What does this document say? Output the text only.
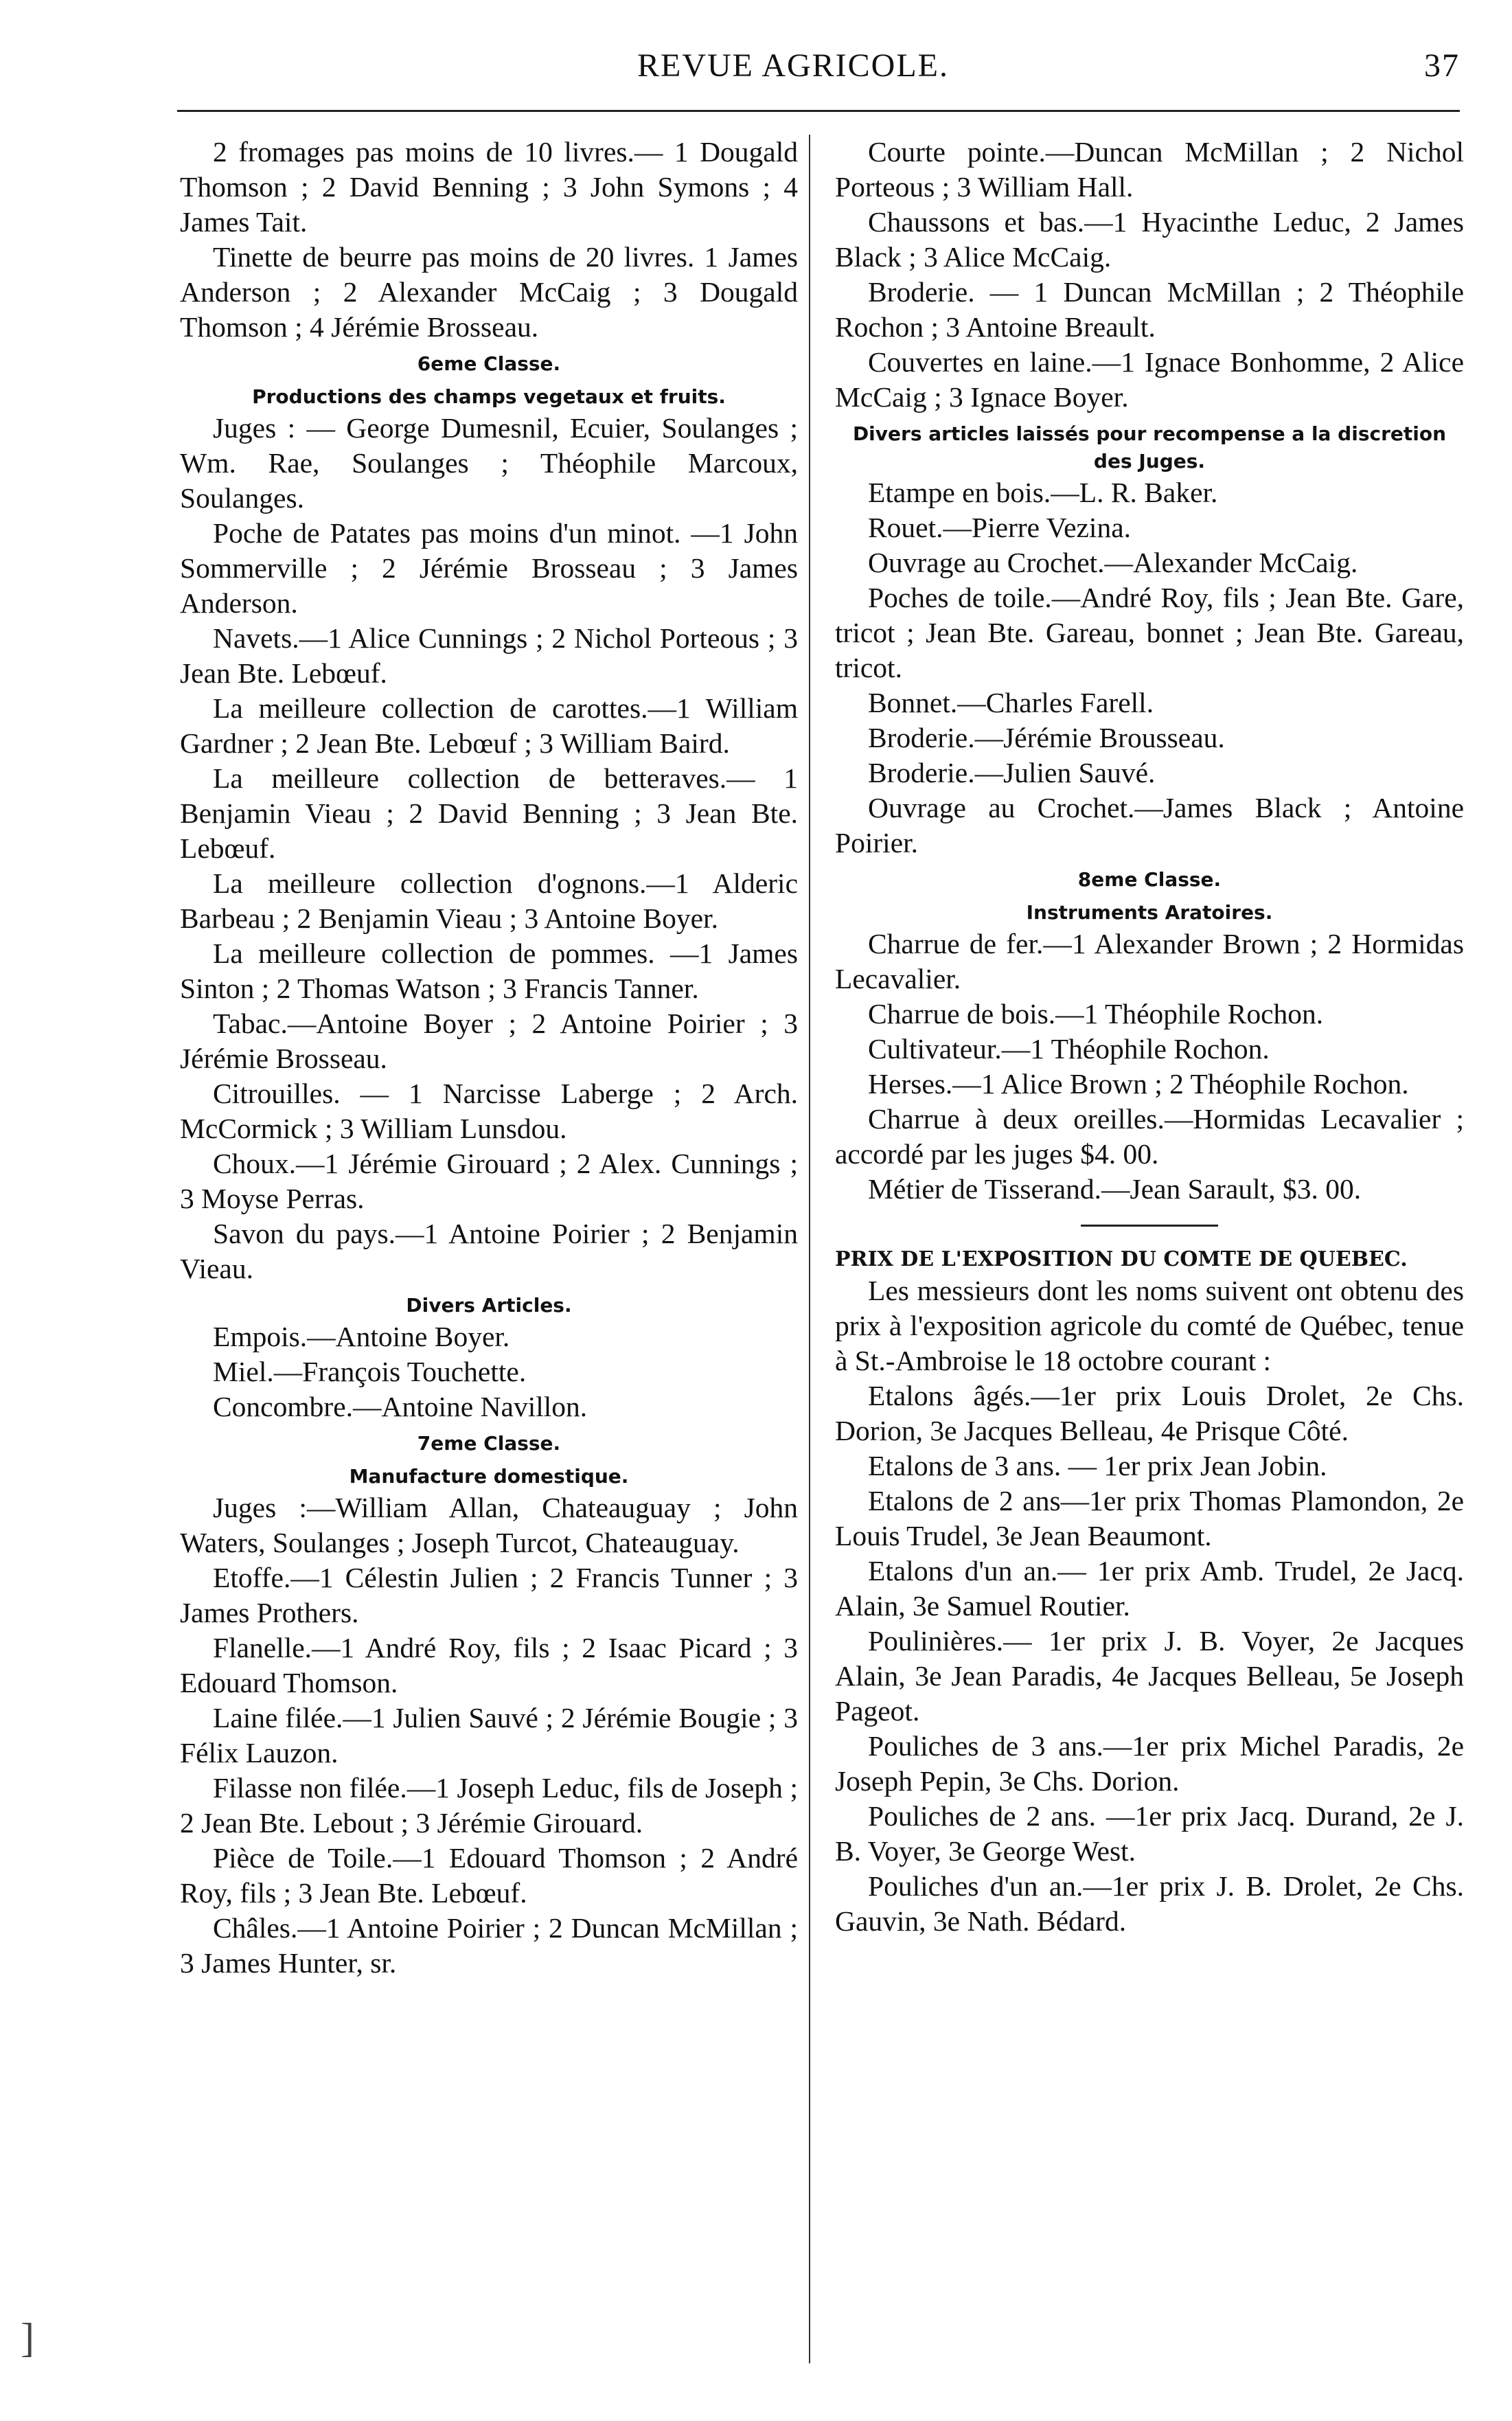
REVUE AGRICOLE.	37

2 fromages pas moins de 10 livres.— 1 Dougald Thomson ; 2 David Benning ; 3 John Symons ; 4 James Tait.

Tinette de beurre pas moins de 20 livres. 1 James Anderson ; 2 Alexander McCaig ; 3 Dougald Thomson ; 4 Jérémie Brosseau.

6eme Classe.

Productions des champs vegetaux et fruits.

Juges : — George Dumesnil, Ecuier, Soulanges ; Wm. Rae, Soulanges ; Théophile Marcoux, Soulanges.

Poche de Patates pas moins d'un minot. —1 John Sommerville ; 2 Jérémie Brosseau ; 3 James Anderson.

Navets.—1 Alice Cunnings ; 2 Nichol Porteous ; 3 Jean Bte. Lebœuf.

La meilleure collection de carottes.—1 William Gardner ; 2 Jean Bte. Lebœuf ; 3 William Baird.

La meilleure collection de betteraves.— 1 Benjamin Vieau ; 2 David Benning ; 3 Jean Bte. Lebœuf.

La meilleure collection d'ognons.—1 Alderic Barbeau ; 2 Benjamin Vieau ; 3 Antoine Boyer.

La meilleure collection de pommes. —1 James Sinton ; 2 Thomas Watson ; 3 Francis Tanner.

Tabac.—Antoine Boyer ; 2 Antoine Poirier ; 3 Jérémie Brosseau.

Citrouilles. — 1 Narcisse Laberge ; 2 Arch. McCormick ; 3 William Lunsdou.

Choux.—1 Jérémie Girouard ; 2 Alex. Cunnings ; 3 Moyse Perras.

Savon du pays.—1 Antoine Poirier ; 2 Benjamin Vieau.

Divers Articles.

Empois.—Antoine Boyer.

Miel.—François Touchette.

Concombre.—Antoine Navillon.

7eme Classe.

Manufacture domestique.

Juges :—William Allan, Chateauguay ; John Waters, Soulanges ; Joseph Turcot, Chateauguay.

Etoffe.—1 Célestin Julien ; 2 Francis Tunner ; 3 James Prothers.

Flanelle.—1 André Roy, fils ; 2 Isaac Picard ; 3 Edouard Thomson.

Laine filée.—1 Julien Sauvé ; 2 Jérémie Bougie ; 3 Félix Lauzon.

Filasse non filée.—1 Joseph Leduc, fils de Joseph ; 2 Jean Bte. Lebout ; 3 Jérémie Girouard.

Pièce de Toile.—1 Edouard Thomson ; 2 André Roy, fils ; 3 Jean Bte. Lebœuf.

Châles.—1 Antoine Poirier ; 2 Duncan McMillan ; 3 James Hunter, sr.

Courte pointe.—Duncan McMillan ; 2 Nichol Porteous ; 3 William Hall.

Chaussons et bas.—1 Hyacinthe Leduc, 2 James Black ; 3 Alice McCaig.

Broderie. — 1 Duncan McMillan ; 2 Théophile Rochon ; 3 Antoine Breault.

Couvertes en laine.—1 Ignace Bonhomme, 2 Alice McCaig ; 3 Ignace Boyer.

Divers articles laissés pour recompense a la discretion des Juges.

Etampe en bois.—L. R. Baker.

Rouet.—Pierre Vezina.

Ouvrage au Crochet.—Alexander McCaig.

Poches de toile.—André Roy, fils ; Jean Bte. Gare, tricot ; Jean Bte. Gareau, bonnet ; Jean Bte. Gareau, tricot.

Bonnet.—Charles Farell.

Broderie.—Jérémie Brousseau.

Broderie.—Julien Sauvé.

Ouvrage au Crochet.—James Black ; Antoine Poirier.

8eme Classe.

Instruments Aratoires.

Charrue de fer.—1 Alexander Brown ; 2 Hormidas Lecavalier.

Charrue de bois.—1 Théophile Rochon.

Cultivateur.—1 Théophile Rochon.

Herses.—1 Alice Brown ; 2 Théophile Rochon.

Charrue à deux oreilles.—Hormidas Lecavalier ; accordé par les juges $4. 00.

Métier de Tisserand.—Jean Sarault, $3. 00.

PRIX DE L'EXPOSITION DU COMTE DE QUEBEC.

Les messieurs dont les noms suivent ont obtenu des prix à l'exposition agricole du comté de Québec, tenue à St.-Ambroise le 18 octobre courant :

Etalons âgés.—1er prix Louis Drolet, 2e Chs. Dorion, 3e Jacques Belleau, 4e Prisque Côté.

Etalons de 3 ans. — 1er prix Jean Jobin.

Etalons de 2 ans—1er prix Thomas Plamondon, 2e Louis Trudel, 3e Jean Beaumont.

Etalons d'un an.— 1er prix Amb. Trudel, 2e Jacq. Alain, 3e Samuel Routier.

Poulinières.— 1er prix J. B. Voyer, 2e Jacques Alain, 3e Jean Paradis, 4e Jacques Belleau, 5e Joseph Pageot.

Pouliches de 3 ans.—1er prix Michel Paradis, 2e Joseph Pepin, 3e Chs. Dorion.

Pouliches de 2 ans. —1er prix Jacq. Durand, 2e J. B. Voyer, 3e George West.

Pouliches d'un an.—1er prix J. B. Drolet, 2e Chs. Gauvin, 3e Nath. Bédard.

]
